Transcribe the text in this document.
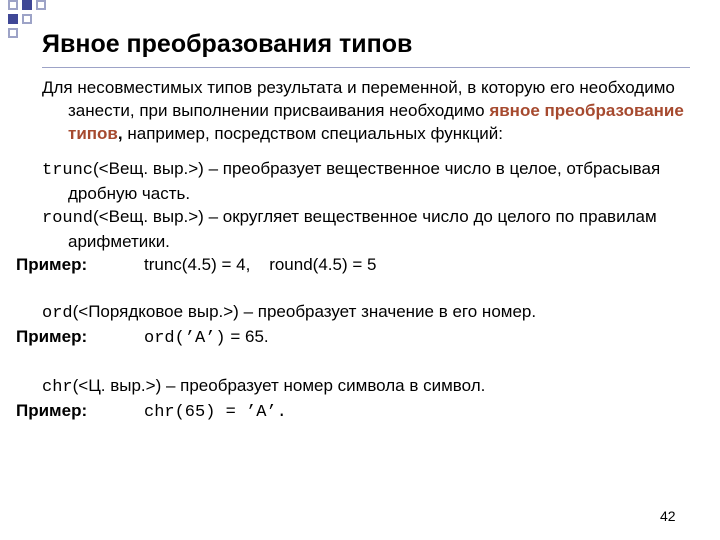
Явное преобразования типов

Для несовместимых типов результата и переменной, в которую его необходимо занести, при выполнении присваивания необходимо явное преобразование типов, например, посредством специальных функций:

trunc(<Вещ. выр.>) – преобразует вещественное число в целое, отбрасывая дробную часть.

round(<Вещ. выр.>) – округляет вещественное число до целого по правилам арифметики.

Пример:	trunc(4.5) = 4,    round(4.5) = 5

ord(<Порядковое выр.>) – преобразует значение в его номер.

Пример:	ord(’A’) = 65.

chr(<Ц. выр.>) – преобразует номер символа в символ.

Пример:	chr(65) = ’A’.

42
